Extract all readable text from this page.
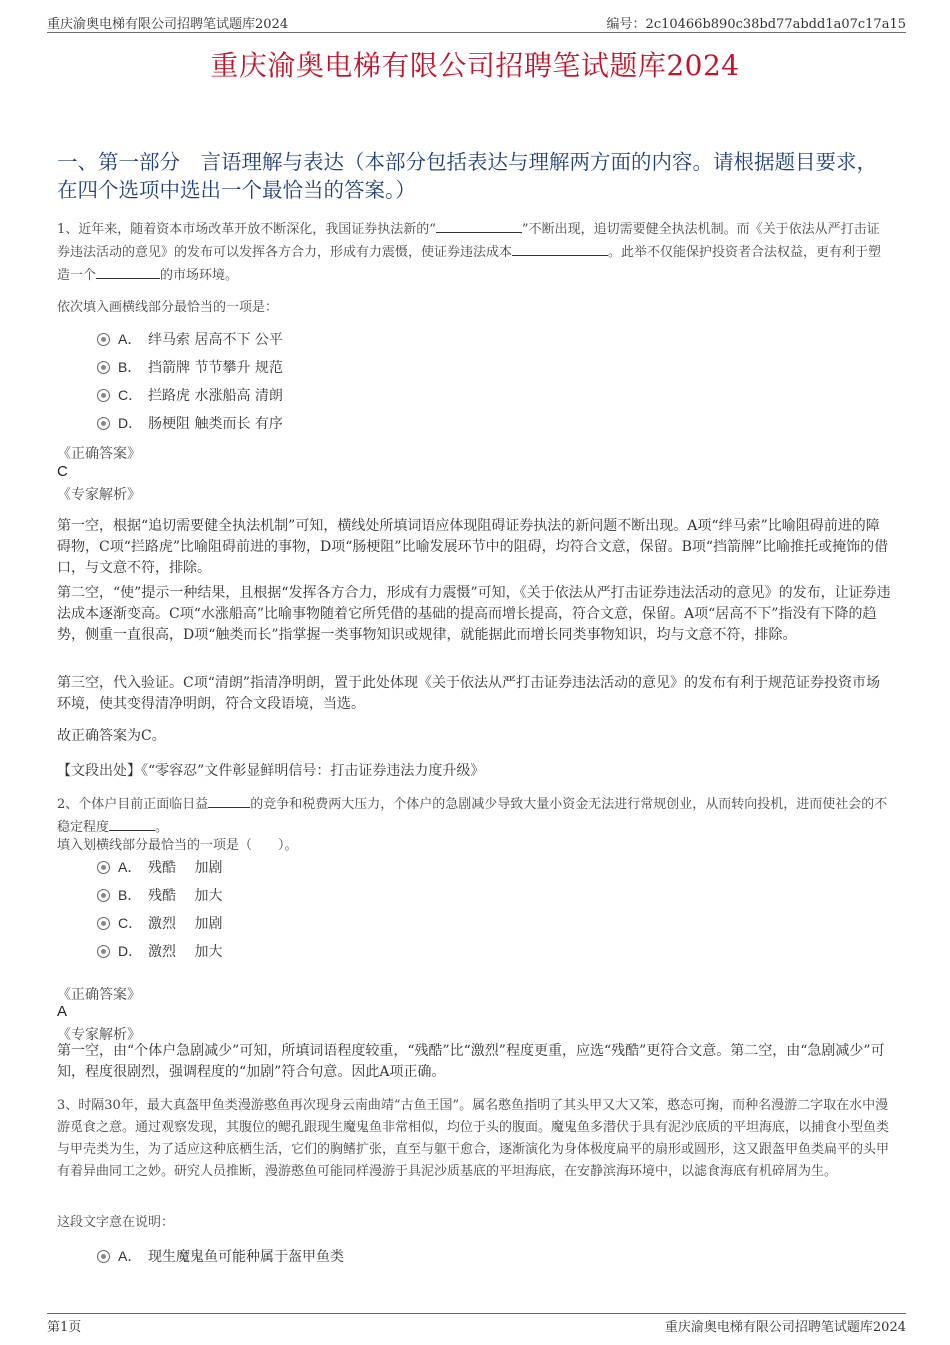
重庆渝奥电梯有限公司招聘笔试题库2024	编号：2c10466b890c38bd77abdd1a07c17a15
重庆渝奥电梯有限公司招聘笔试题库2024
一、第一部分　言语理解与表达（本部分包括表达与理解两方面的内容。请根据题目要求，在四个选项中选出一个最恰当的答案。）
1、近年来，随着资本市场改革开放不断深化，我国证券执法新的“	”不断出现，追切需要健全执法机制。而《关于依法从严打击证券违法活动的意见》的发布可以发挥各方合力，形成有力震慑，使证券违法成本	。此举不仅能保护投资者合法权益，更有利于塑造一个	的市场环境。
依次填入画横线部分最恰当的一项是：
A． 绊马索 居高不下 公平
B． 挡箭牌 节节攀升 规范
C． 拦路虎 水涨船高 清朗
D． 肠梗阻 触类而长 有序
《正确答案》
C
《专家解析》
第一空，根据“追切需要健全执法机制”可知，横线处所填词语应体现阻碍证券执法的新问题不断出现。A项“绊马索”比喻阻碍前进的障碍物，C项“拦路虎”比喻阻碍前进的事物，D项“肠梗阻”比喻发展环节中的阻碍，均符合文意，保留。B项“挡箭牌”比喻推托或掩饰的借口，与文意不符，排除。
第二空，“使”提示一种结果，且根据“发挥各方合力，形成有力震慑”可知，《关于依法从严打击证券违法活动的意见》的发布，让证券违法成本逐渐变高。C项“水涨船高”比喻事物随着它所凭借的基础的提高而增长提高，符合文意，保留。A项“居高不下”指没有下降的趋势，侧重一直很高，D项“触类而长”指掌握一类事物知识或规律，就能据此而增长同类事物知识，均与文意不符，排除。
第三空，代入验证。C项“清朗”指清净明朗，置于此处体现《关于依法从严打击证券违法活动的意见》的发布有利于规范证券投资市场环境，使其变得清净明朗，符合文段语境，当选。
故正确答案为C。
【文段出处】《“零容忍”文件彰显鲜明信号：打击证券违法力度升级》
2、个体户目前正面临日益	的竞争和税费两大压力，个体户的急剧减少导致大量小资金无法进行常规创业，从而转向投机，进而使社会的不稳定程度	。
填入划横线部分最恰当的一项是（　　）。
A． 残酷　 加剧
B． 残酷　 加大
C． 激烈　 加剧
D． 激烈　 加大
《正确答案》
A
《专家解析》
第一空，由“个体户急剧减少”可知，所填词语程度较重，“残酷”比“激烈”程度更重，应选“残酷”更符合文意。第二空，由“急剧减少”可知，程度很剧烈，强调程度的“加剧”符合句意。因此A项正确。
3、时隔30年，最大真盔甲鱼类漫游憨鱼再次现身云南曲靖“古鱼王国”。属名憨鱼指明了其头甲又大又笨，憨态可掬，而种名漫游二字取在水中漫游觅食之意。通过观察发现，其腹位的鳃孔跟现生魔鬼鱼非常相似，均位于头的腹面。魔鬼鱼多潜伏于具有泥沙底质的平坦海底，以捕食小型鱼类与甲壳类为生，为了适应这种底栖生活，它们的胸鳍扩张，直至与躯干愈合，逐渐演化为身体极度扁平的扇形或圆形，这又跟盔甲鱼类扁平的头甲有着异曲同工之妙。研究人员推断，漫游憨鱼可能同样漫游于具泥沙质基底的平坦海底，在安静滨海环境中，以滤食海底有机碎屑为生。
这段文字意在说明：
A． 现生魔鬼鱼可能种属于盔甲鱼类
第1页	重庆渝奥电梯有限公司招聘笔试题库2024
